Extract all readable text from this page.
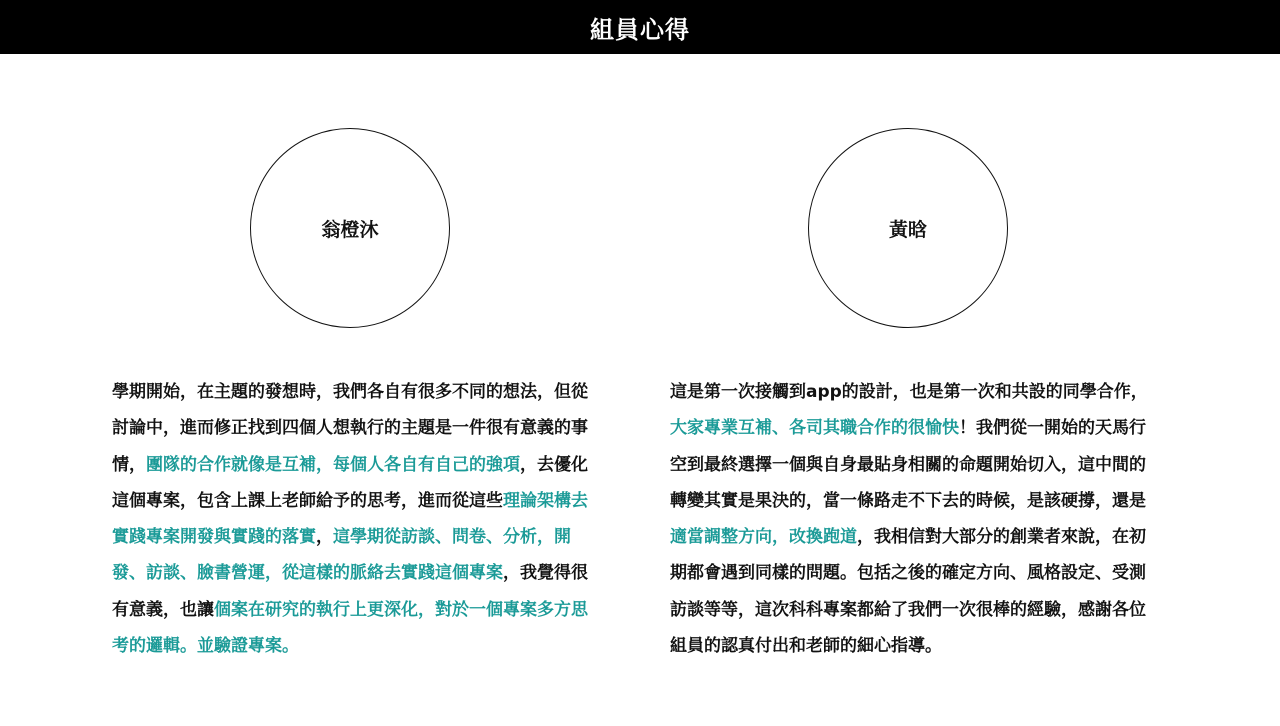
組員心得
翁橙沐	黃晗

學期開始，在主題的發想時，我們各自有很多不同的想法，但從討論中，進而修正找到四個人想執行的主題是一件很有意義的事情，團隊的合作就像是互補，每個人各自有自己的強項，去優化這個專案，包含上課上老師給予的思考，進而從這些理論架構去實踐專案開發與實踐的落實，這學期從訪談、問卷、分析，開發、訪談、臉書營運，從這樣的脈絡去實踐這個專案，我覺得很有意義，也讓個案在研究的執行上更深化，對於一個專案多方思考的邏輯。並驗證專案。

這是第一次接觸到app的設計，也是第一次和共設的同學合作，大家專業互補、各司其職合作的很愉快！我們從一開始的天馬行空到最終選擇一個與自身最貼身相關的命題開始切入，這中間的轉變其實是果決的，當一條路走不下去的時候，是該硬撐，還是適當調整方向，改換跑道，我相信對大部分的創業者來說，在初期都會遇到同樣的問題。包括之後的確定方向、風格設定、受測訪談等等，這次科科專案都給了我們一次很棒的經驗，感謝各位組員的認真付出和老師的細心指導。
